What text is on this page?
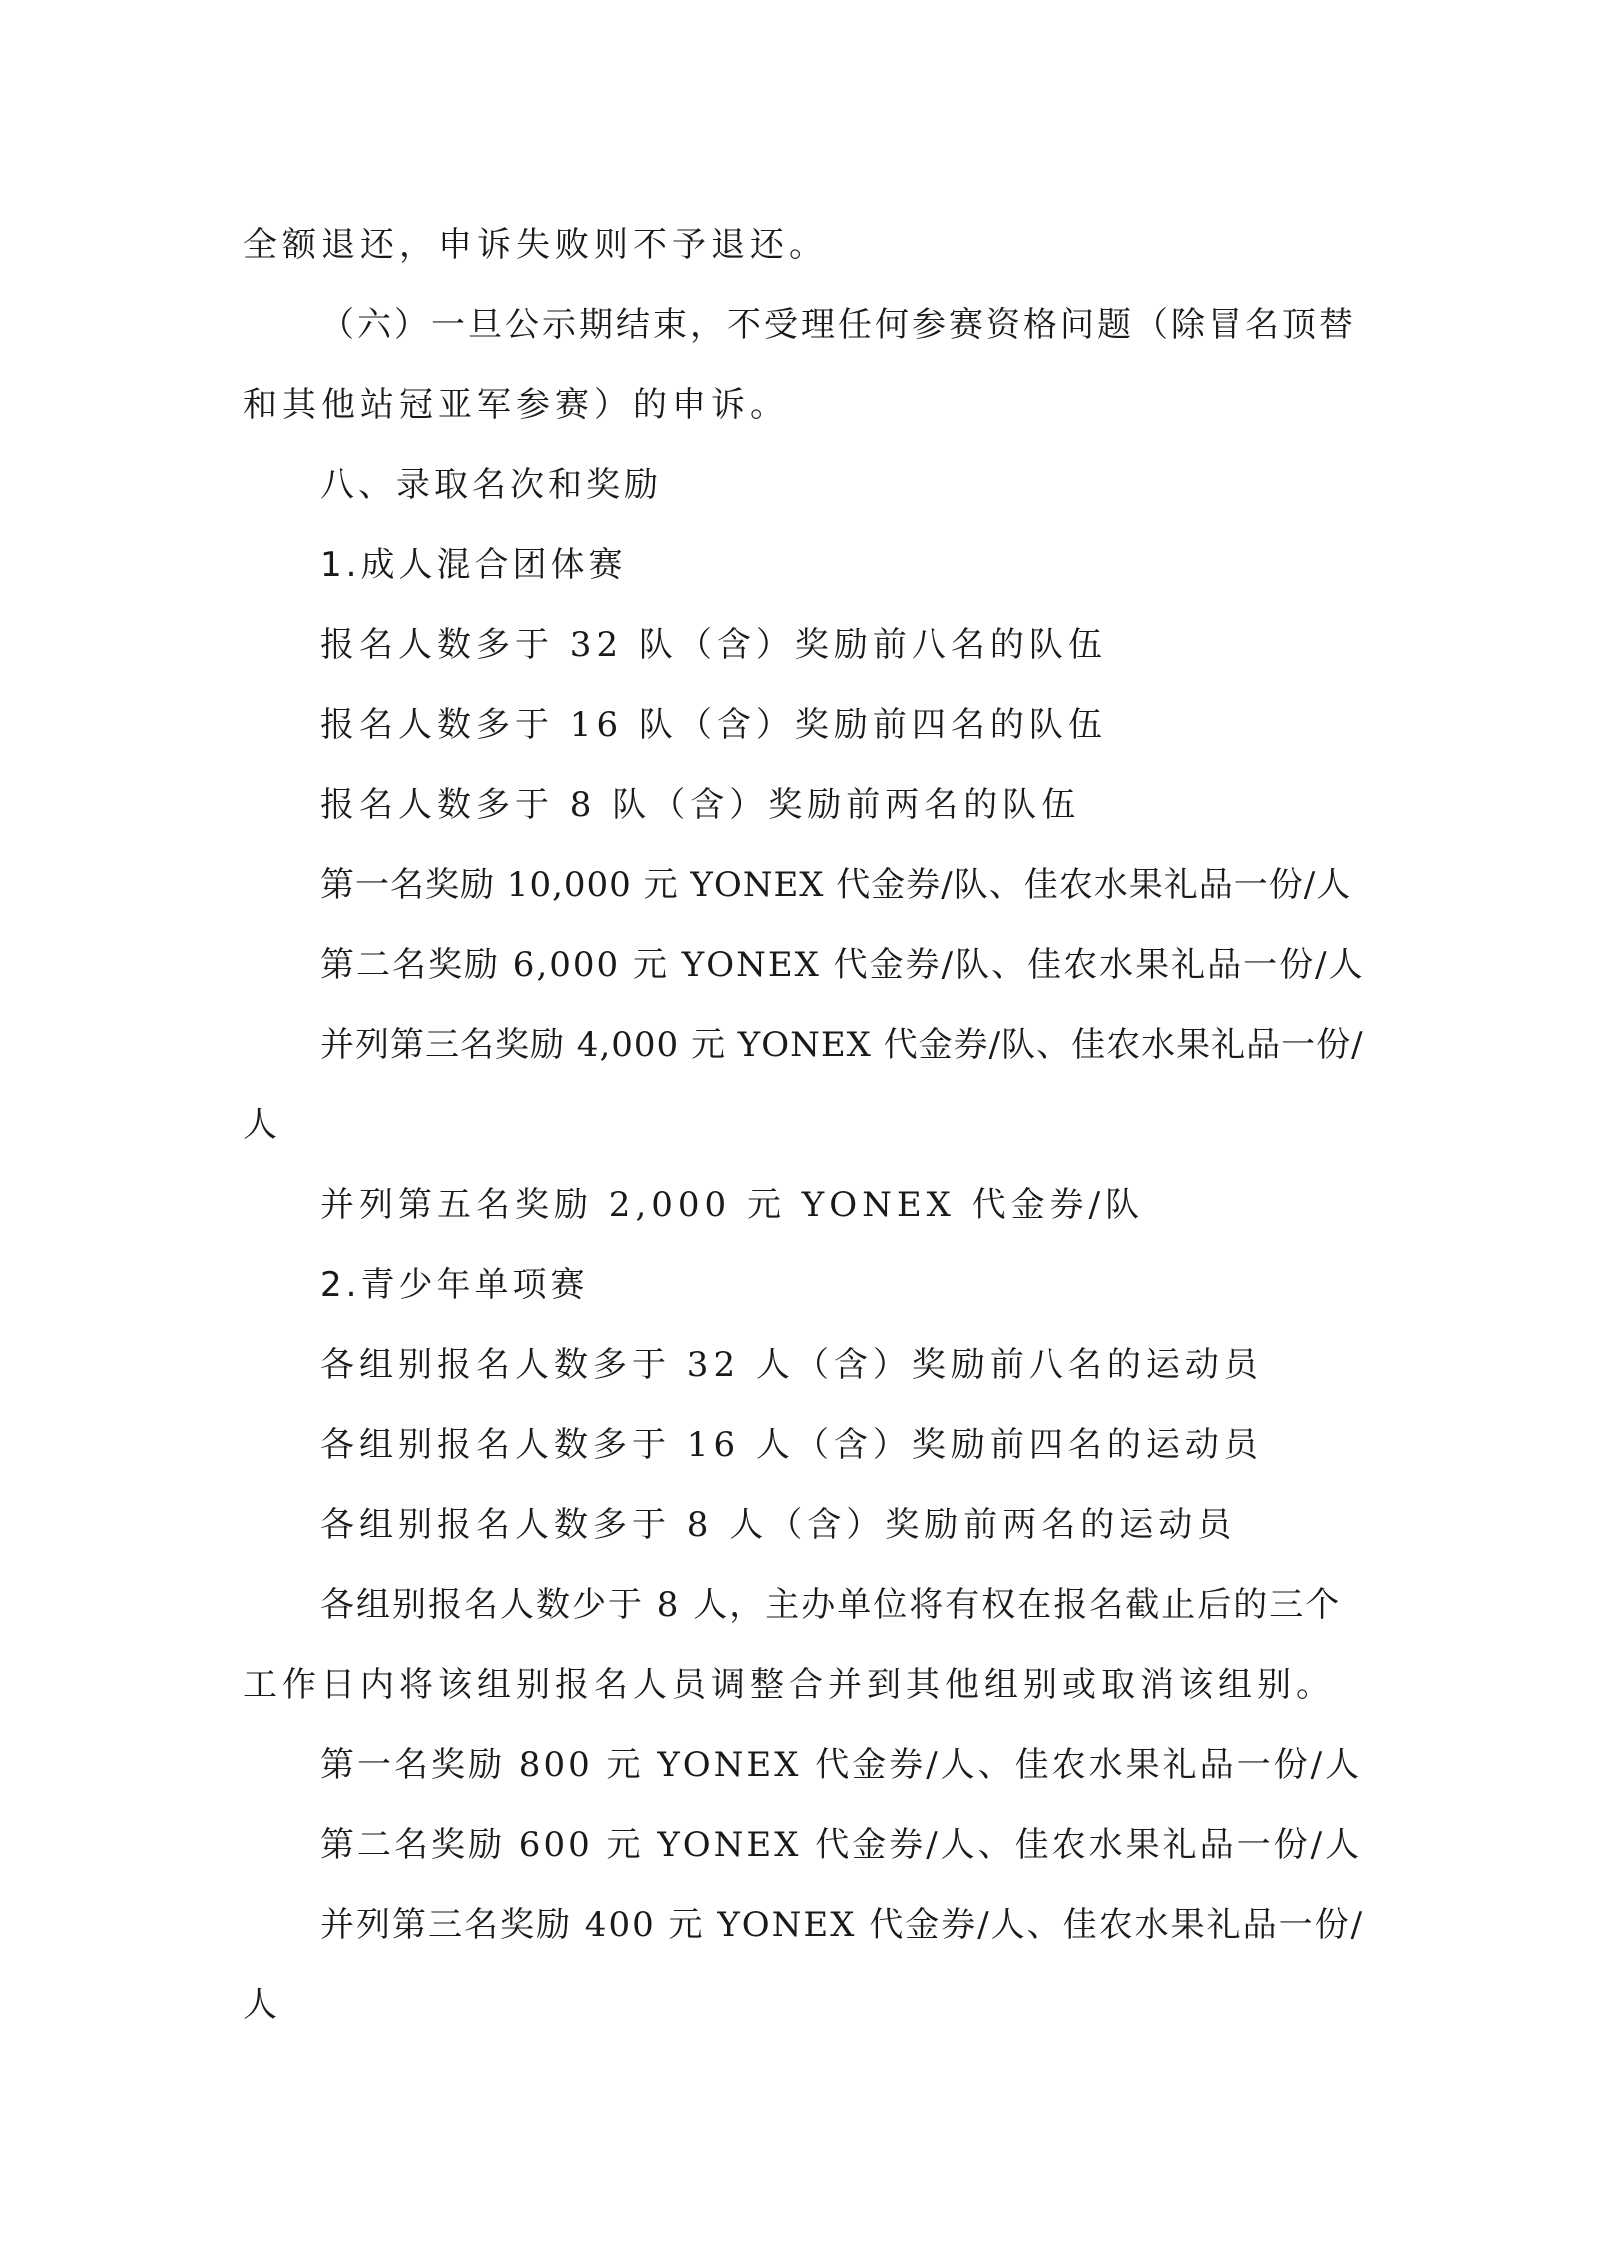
全额退还，申诉失败则不予退还。
（六）一旦公示期结束，不受理任何参赛资格问题（除冒名顶替
和其他站冠亚军参赛）的申诉。
八、录取名次和奖励
1.成人混合团体赛
报名人数多于 32 队（含）奖励前八名的队伍
报名人数多于 16 队（含）奖励前四名的队伍
报名人数多于 8 队（含）奖励前两名的队伍
第一名奖励 10,000 元 YONEX 代金券/队、佳农水果礼品一份/人
第二名奖励 6,000 元 YONEX 代金券/队、佳农水果礼品一份/人
并列第三名奖励 4,000 元 YONEX 代金券/队、佳农水果礼品一份/
人
并列第五名奖励 2,000 元 YONEX 代金券/队
2.青少年单项赛
各组别报名人数多于 32 人（含）奖励前八名的运动员
各组别报名人数多于 16 人（含）奖励前四名的运动员
各组别报名人数多于 8 人（含）奖励前两名的运动员
各组别报名人数少于 8 人，主办单位将有权在报名截止后的三个
工作日内将该组别报名人员调整合并到其他组别或取消该组别。
第一名奖励 800 元 YONEX 代金券/人、佳农水果礼品一份/人
第二名奖励 600 元 YONEX 代金券/人、佳农水果礼品一份/人
并列第三名奖励 400 元 YONEX 代金券/人、佳农水果礼品一份/
人
